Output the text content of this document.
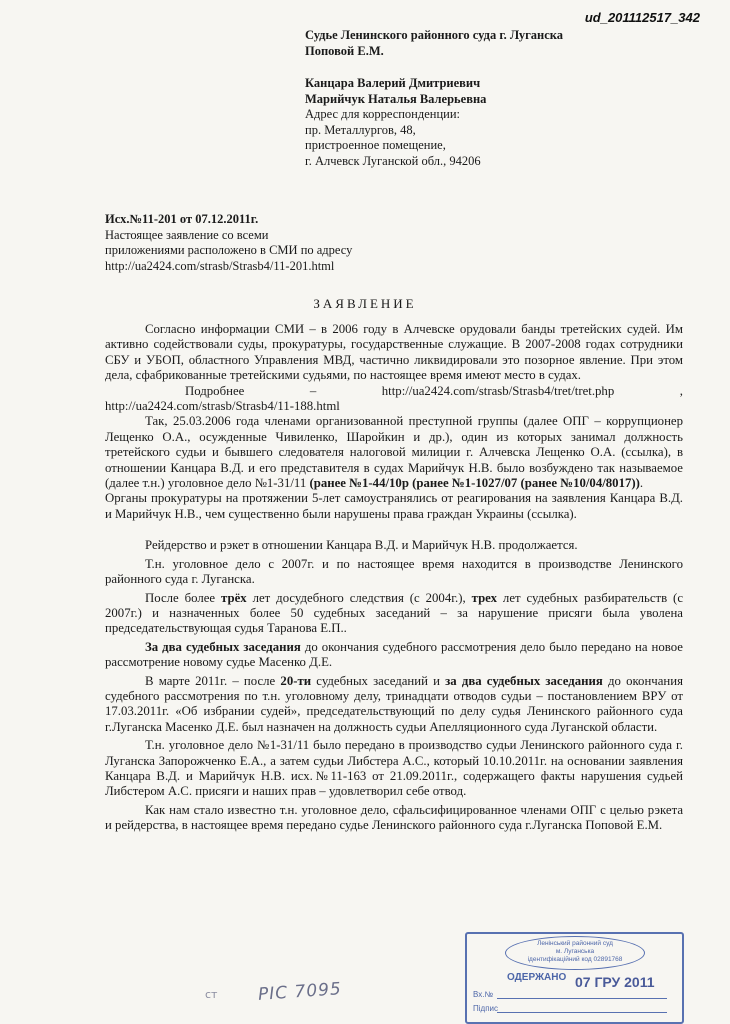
ud_201112517_342
Судье Ленинского районного суда г. Луганска
Поповой Е.М.
Канцара Валерий Дмитриевич
Марийчук Наталья Валерьевна
Адрес для корреспонденции:
пр. Металлургов, 48,
пристроенное помещение,
г. Алчевск Луганской обл., 94206
Исх.№11-201 от 07.12.2011г.
Настоящее заявление со всеми
приложениями расположено в СМИ по адресу
http://ua2424.com/strasb/Strasb4/11-201.html
ЗАЯВЛЕНИЕ

Согласно информации СМИ – в 2006 году в Алчевске орудовали банды третейских судей. Им активно содействовали суды, прокуратуры, государственные служащие. В 2007-2008 годах сотрудники СБУ и УБОП, областного Управления МВД, частично ликвидировали это позорное явление. При этом дела, сфабрикованные третейскими судьями, по настоящее время имеют место в судах.

Подробнее	–	http://ua2424.com/strasb/Strasb4/tret/tret.php	,

http://ua2424.com/strasb/Strasb4/11-188.html

Так, 25.03.2006 года членами организованной преступной группы (далее ОПГ – коррупционер Лещенко О.А., осужденные Чивиленко, Шаройкин и др.), один из которых занимал должность третейского судьи и бывшего следователя налоговой милиции г. Алчевска Лещенко О.А. (ссылка), в отношении Канцара В.Д. и его представителя в судах Марийчук Н.В. было возбуждено так называемое (далее т.н.) уголовное дело №1-31/11 (ранее №1-44/10р (ранее №1-1027/07 (ранее №10/04/8017)).

Органы прокуратуры на протяжении 5-лет самоустранялись от реагирования на заявления Канцара В.Д. и Марийчук Н.В., чем существенно были нарушены права граждан Украины (ссылка).

Рейдерство и рэкет в отношении Канцара В.Д. и Марийчук Н.В. продолжается.

Т.н. уголовное дело с 2007г. и по настоящее время находится в производстве Ленинского районного суда г. Луганска.

После более трёх лет досудебного следствия (с 2004г.), трех лет судебных разбирательств (с 2007г.) и назначенных более 50 судебных заседаний – за нарушение присяги была уволена председательствующая судья Таранова Е.П..

За два судебных заседания до окончания судебного рассмотрения дело было передано на новое рассмотрение новому судье Масенко Д.Е.

В марте 2011г. – после 20-ти судебных заседаний и за два судебных заседания до окончания судебного рассмотрения по т.н. уголовному делу, тринадцати отводов судьи – постановлением ВРУ от 17.03.2011г. «Об избрании судей», председательствующий по делу судья Ленинского районного суда г.Луганска Масенко Д.Е. был назначен на должность судьи Апелляционного суда Луганской области.

Т.н. уголовное дело №1-31/11 было передано в производство судьи Ленинского районного суда г. Луганска Запорожченко Е.А., а затем судьи Либстера А.С., который 10.10.2011г. на основании заявления Канцара В.Д. и Марийчук Н.В. исх.№11-163 от 21.09.2011г., содержащего факты нарушения судьей Либстером А.С. присяги и наших прав – удовлетворил себе отвод.

Как нам стало известно т.н. уголовное дело, сфальсифицированное членами ОПГ с целью рэкета и рейдерства, в настоящее время передано судье Ленинского районного суда г.Луганска Поповой Е.М.

Ленінський районний суд
м. Луганська
ідентифікаційний код 02891768
ОДЕРЖАНО 07 ГРУ 2011
Вх.№
Підпис
ст PIC 7095
